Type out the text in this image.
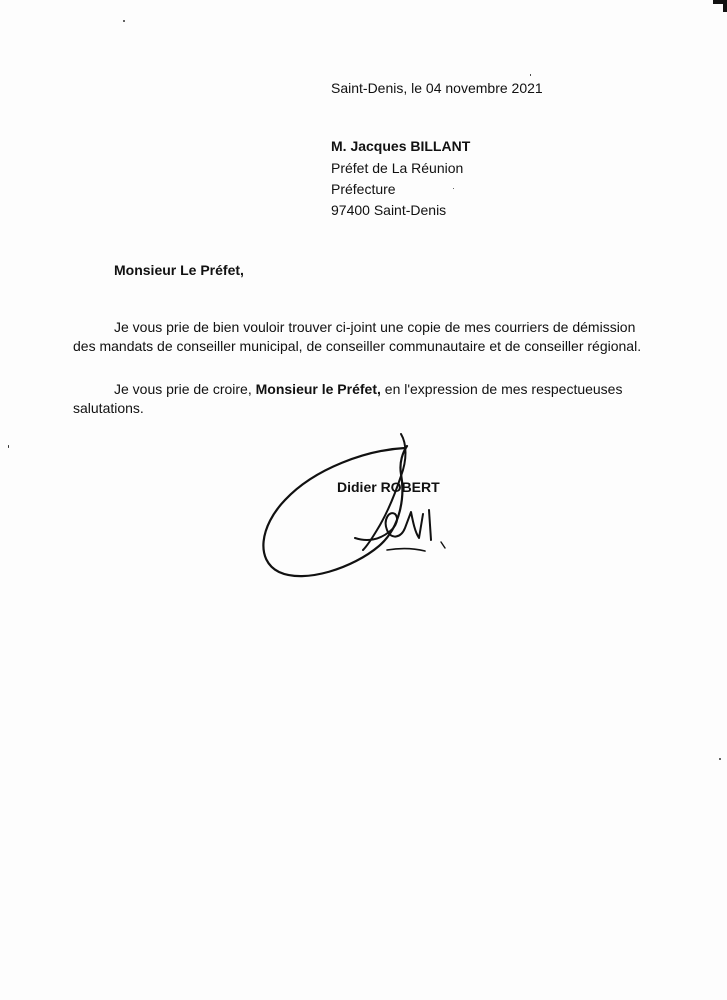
Saint-Denis, le 04 novembre 2021
M. Jacques BILLANT
Préfet de La Réunion
Préfecture
97400 Saint-Denis
Monsieur Le Préfet,
Je vous prie de bien vouloir trouver ci-joint une copie de mes courriers de démission
des mandats de conseiller municipal, de conseiller communautaire et de conseiller régional.
Je vous prie de croire, Monsieur le Préfet, en l'expression de mes respectueuses
salutations.
Didier ROBERT
